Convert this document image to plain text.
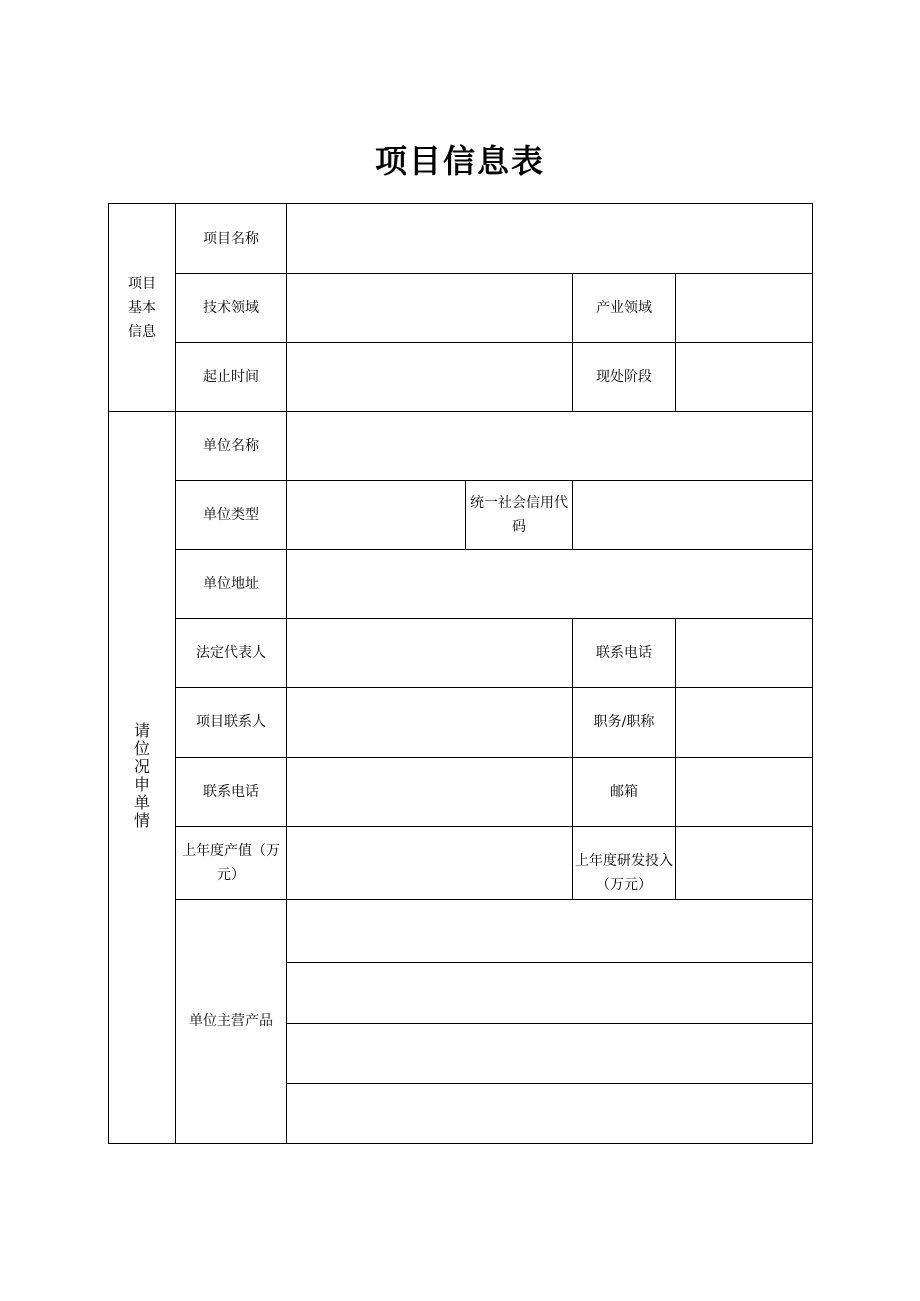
项目信息表
项目基本信息	项目名称				
	技术领域			产业领域	
	起止时间			现处阶段	
请位况申单情	单位名称				
	单位类型		统一社会信用代码		
	单位地址				
	法定代表人			联系电话	
	项目联系人			职务/职称	
	联系电话			邮箱	
	上年度产值（万元）			上年度研发投入（万元）	
	单位主营产品				
